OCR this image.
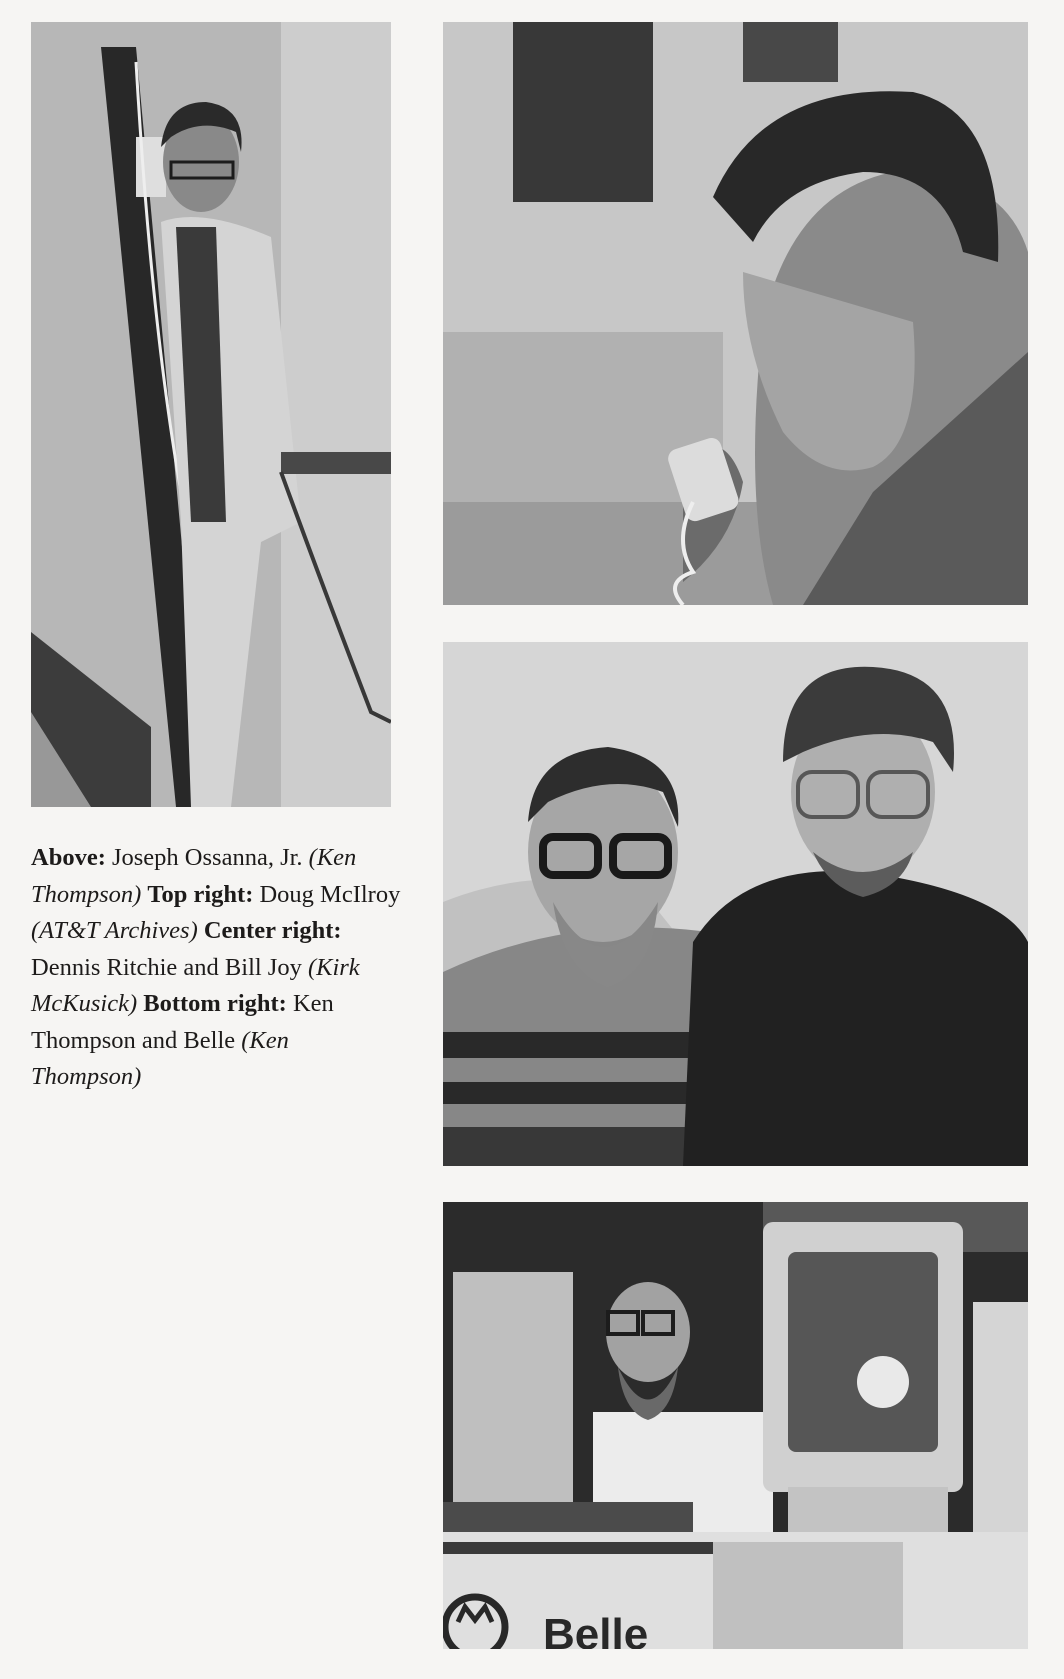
Belle
Above: Joseph Ossanna, Jr. (Ken Thompson) Top right: Doug McIlroy (AT&T Archives) Center right: Dennis Ritchie and Bill Joy (Kirk McKusick) Bottom right: Ken Thompson and Belle (Ken Thompson)
